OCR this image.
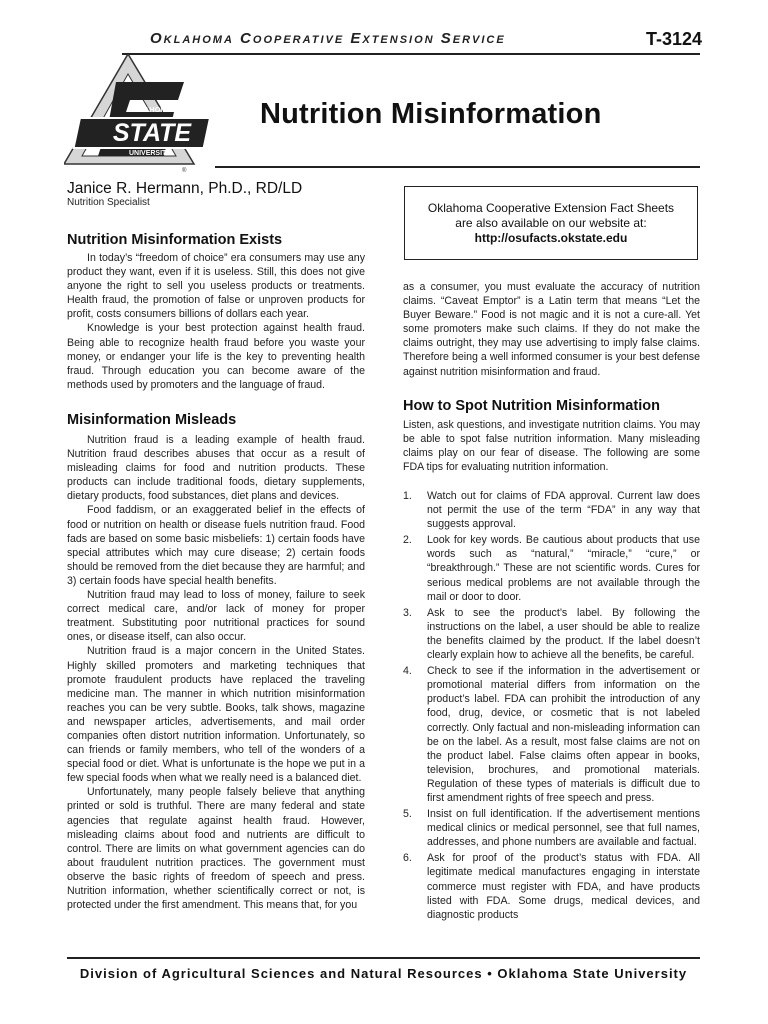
Oklahoma Cooperative Extension Service	T-3124
OKLAHOMA
STATE
UNIVERSITY
®
Nutrition Misinformation
Janice R. Hermann, Ph.D., RD/LD
Nutrition Specialist	Oklahoma Cooperative Extension Fact Sheets
are also available on our website at:
http://osufacts.okstate.edu
Nutrition Misinformation Exists

In today’s “freedom of choice” era consumers may use any product they want, even if it is useless. Still, this does not give anyone the right to sell you useless products or treatments. Health fraud, the promotion of false or unproven products for profit, costs consumers billions of dollars each year.

Knowledge is your best protection against health fraud. Being able to recognize health fraud before you waste your money, or endanger your life is the key to preventing health fraud. Through education you can become aware of the methods used by promoters and the language of fraud.

Misinformation Misleads

Nutrition fraud is a leading example of health fraud. Nutrition fraud describes abuses that occur as a result of misleading claims for food and nutrition products. These products can include traditional foods, dietary supplements, dietary products, food substances, diet plans and devices.

Food faddism, or an exaggerated belief in the effects of food or nutrition on health or disease fuels nutrition fraud. Food fads are based on some basic misbeliefs: 1) certain foods have special attributes which may cure disease; 2) certain foods should be removed from the diet because they are harmful; and 3) certain foods have special health benefits.

Nutrition fraud may lead to loss of money, failure to seek correct medical care, and/or lack of money for proper treatment. Substituting poor nutritional practices for sound ones, or disease itself, can also occur.

Nutrition fraud is a major concern in the United States. Highly skilled promoters and marketing techniques that promote fraudulent products have replaced the traveling medicine man. The manner in which nutrition misinformation reaches you can be very subtle. Books, talk shows, magazine and newspaper articles, advertisements, and mail order companies often distort nutrition information. Unfortunately, so can friends or family members, who tell of the wonders of a special food or diet. What is unfortunate is the hope we put in a few special foods when what we really need is a balanced diet.

Unfortunately, many people falsely believe that anything printed or sold is truthful. There are many federal and state agencies that regulate against health fraud. However, misleading claims about food and nutrients are difficult to control. There are limits on what government agencies can do about fraudulent nutrition practices. The government must observe the basic rights of freedom of speech and press. Nutrition information, whether scientifically correct or not, is protected under the first amendment. This means that, for you

as a consumer, you must evaluate the accuracy of nutrition claims. “Caveat Emptor” is a Latin term that means “Let the Buyer Beware.” Food is not magic and it is not a cure-all. Yet some promoters make such claims. If they do not make the claims outright, they may use advertising to imply false claims. Therefore being a well informed consumer is your best defense against nutrition misinformation and fraud.

How to Spot Nutrition Misinformation

Listen, ask questions, and investigate nutrition claims. You may be able to spot false nutrition information. Many misleading claims play on our fear of disease. The following are some FDA tips for evaluating nutrition information.

1. Watch out for claims of FDA approval. Current law does not permit the use of the term “FDA” in any way that suggests approval.
2. Look for key words. Be cautious about products that use words such as “natural,” “miracle,” “cure,” or “breakthrough.” These are not scientific words. Cures for serious medical problems are not available through the mail or door to door.
3. Ask to see the product’s label. By following the instructions on the label, a user should be able to realize the benefits claimed by the product. If the label doesn’t clearly explain how to achieve all the benefits, be careful.
4. Check to see if the information in the advertisement or promotional material differs from information on the product’s label. FDA can prohibit the introduction of any food, drug, device, or cosmetic that is not labeled correctly. Only factual and non-misleading information can be on the label. As a result, most false claims are not on the product label. False claims often appear in books, television, brochures, and promotional materials. Regulation of these types of materials is difficult due to first amendment rights of free speech and press.
5. Insist on full identification. If the advertisement mentions medical clinics or medical personnel, see that full names, addresses, and phone numbers are available and factual.
6. Ask for proof of the product’s status with FDA. All legitimate medical manufactures engaging in interstate commerce must register with FDA, and have products listed with FDA. Some drugs, medical devices, and diagnostic products
Division of Agricultural Sciences and Natural Resources • Oklahoma State University
